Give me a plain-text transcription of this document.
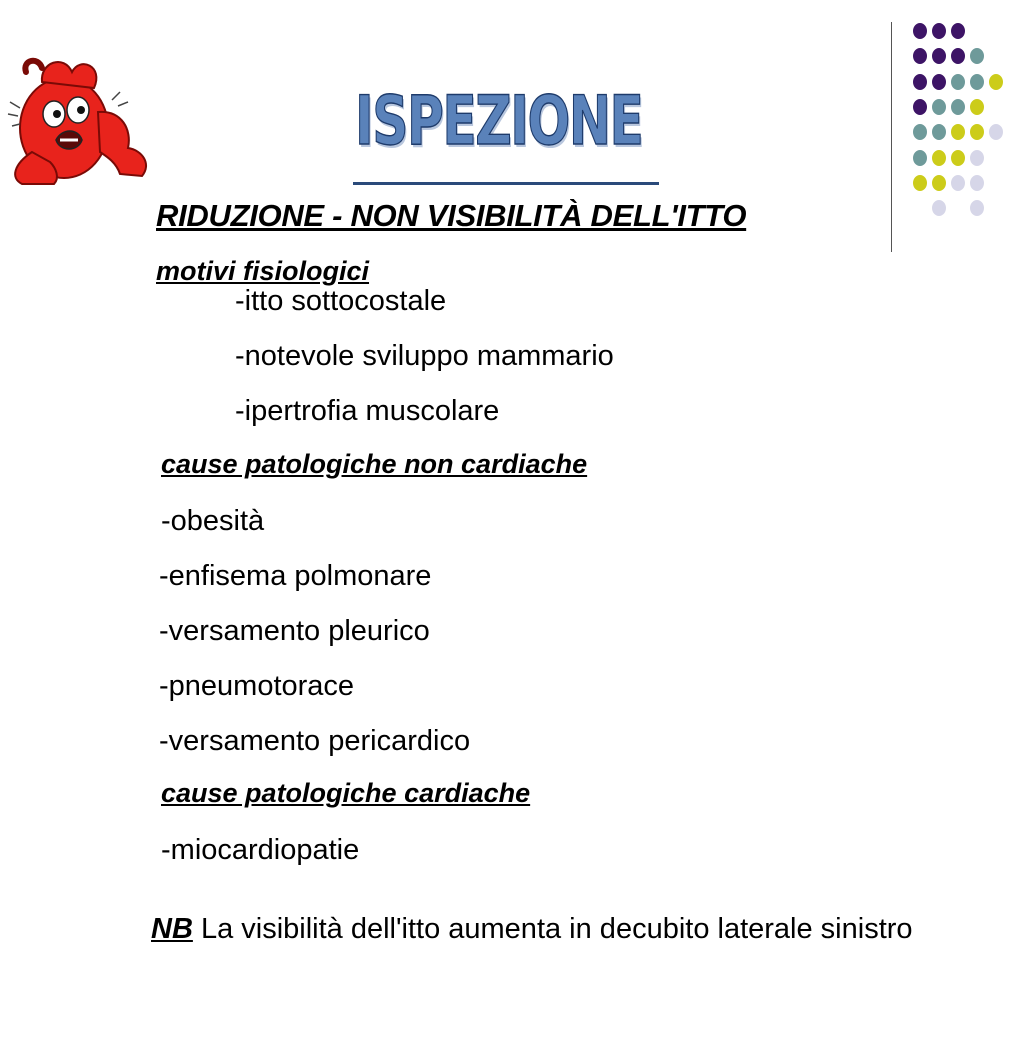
ISPEZIONE
RIDUZIONE - NON VISIBILITÀ DELL'ITTO
motivi fisiologici
-itto sottocostale
-notevole sviluppo mammario
-ipertrofia muscolare
cause patologiche non cardiache
-obesità
-enfisema polmonare
-versamento pleurico
-pneumotorace
-versamento pericardico
cause patologiche cardiache
-miocardiopatie
NB La visibilità dell'itto aumenta in decubito laterale sinistro
